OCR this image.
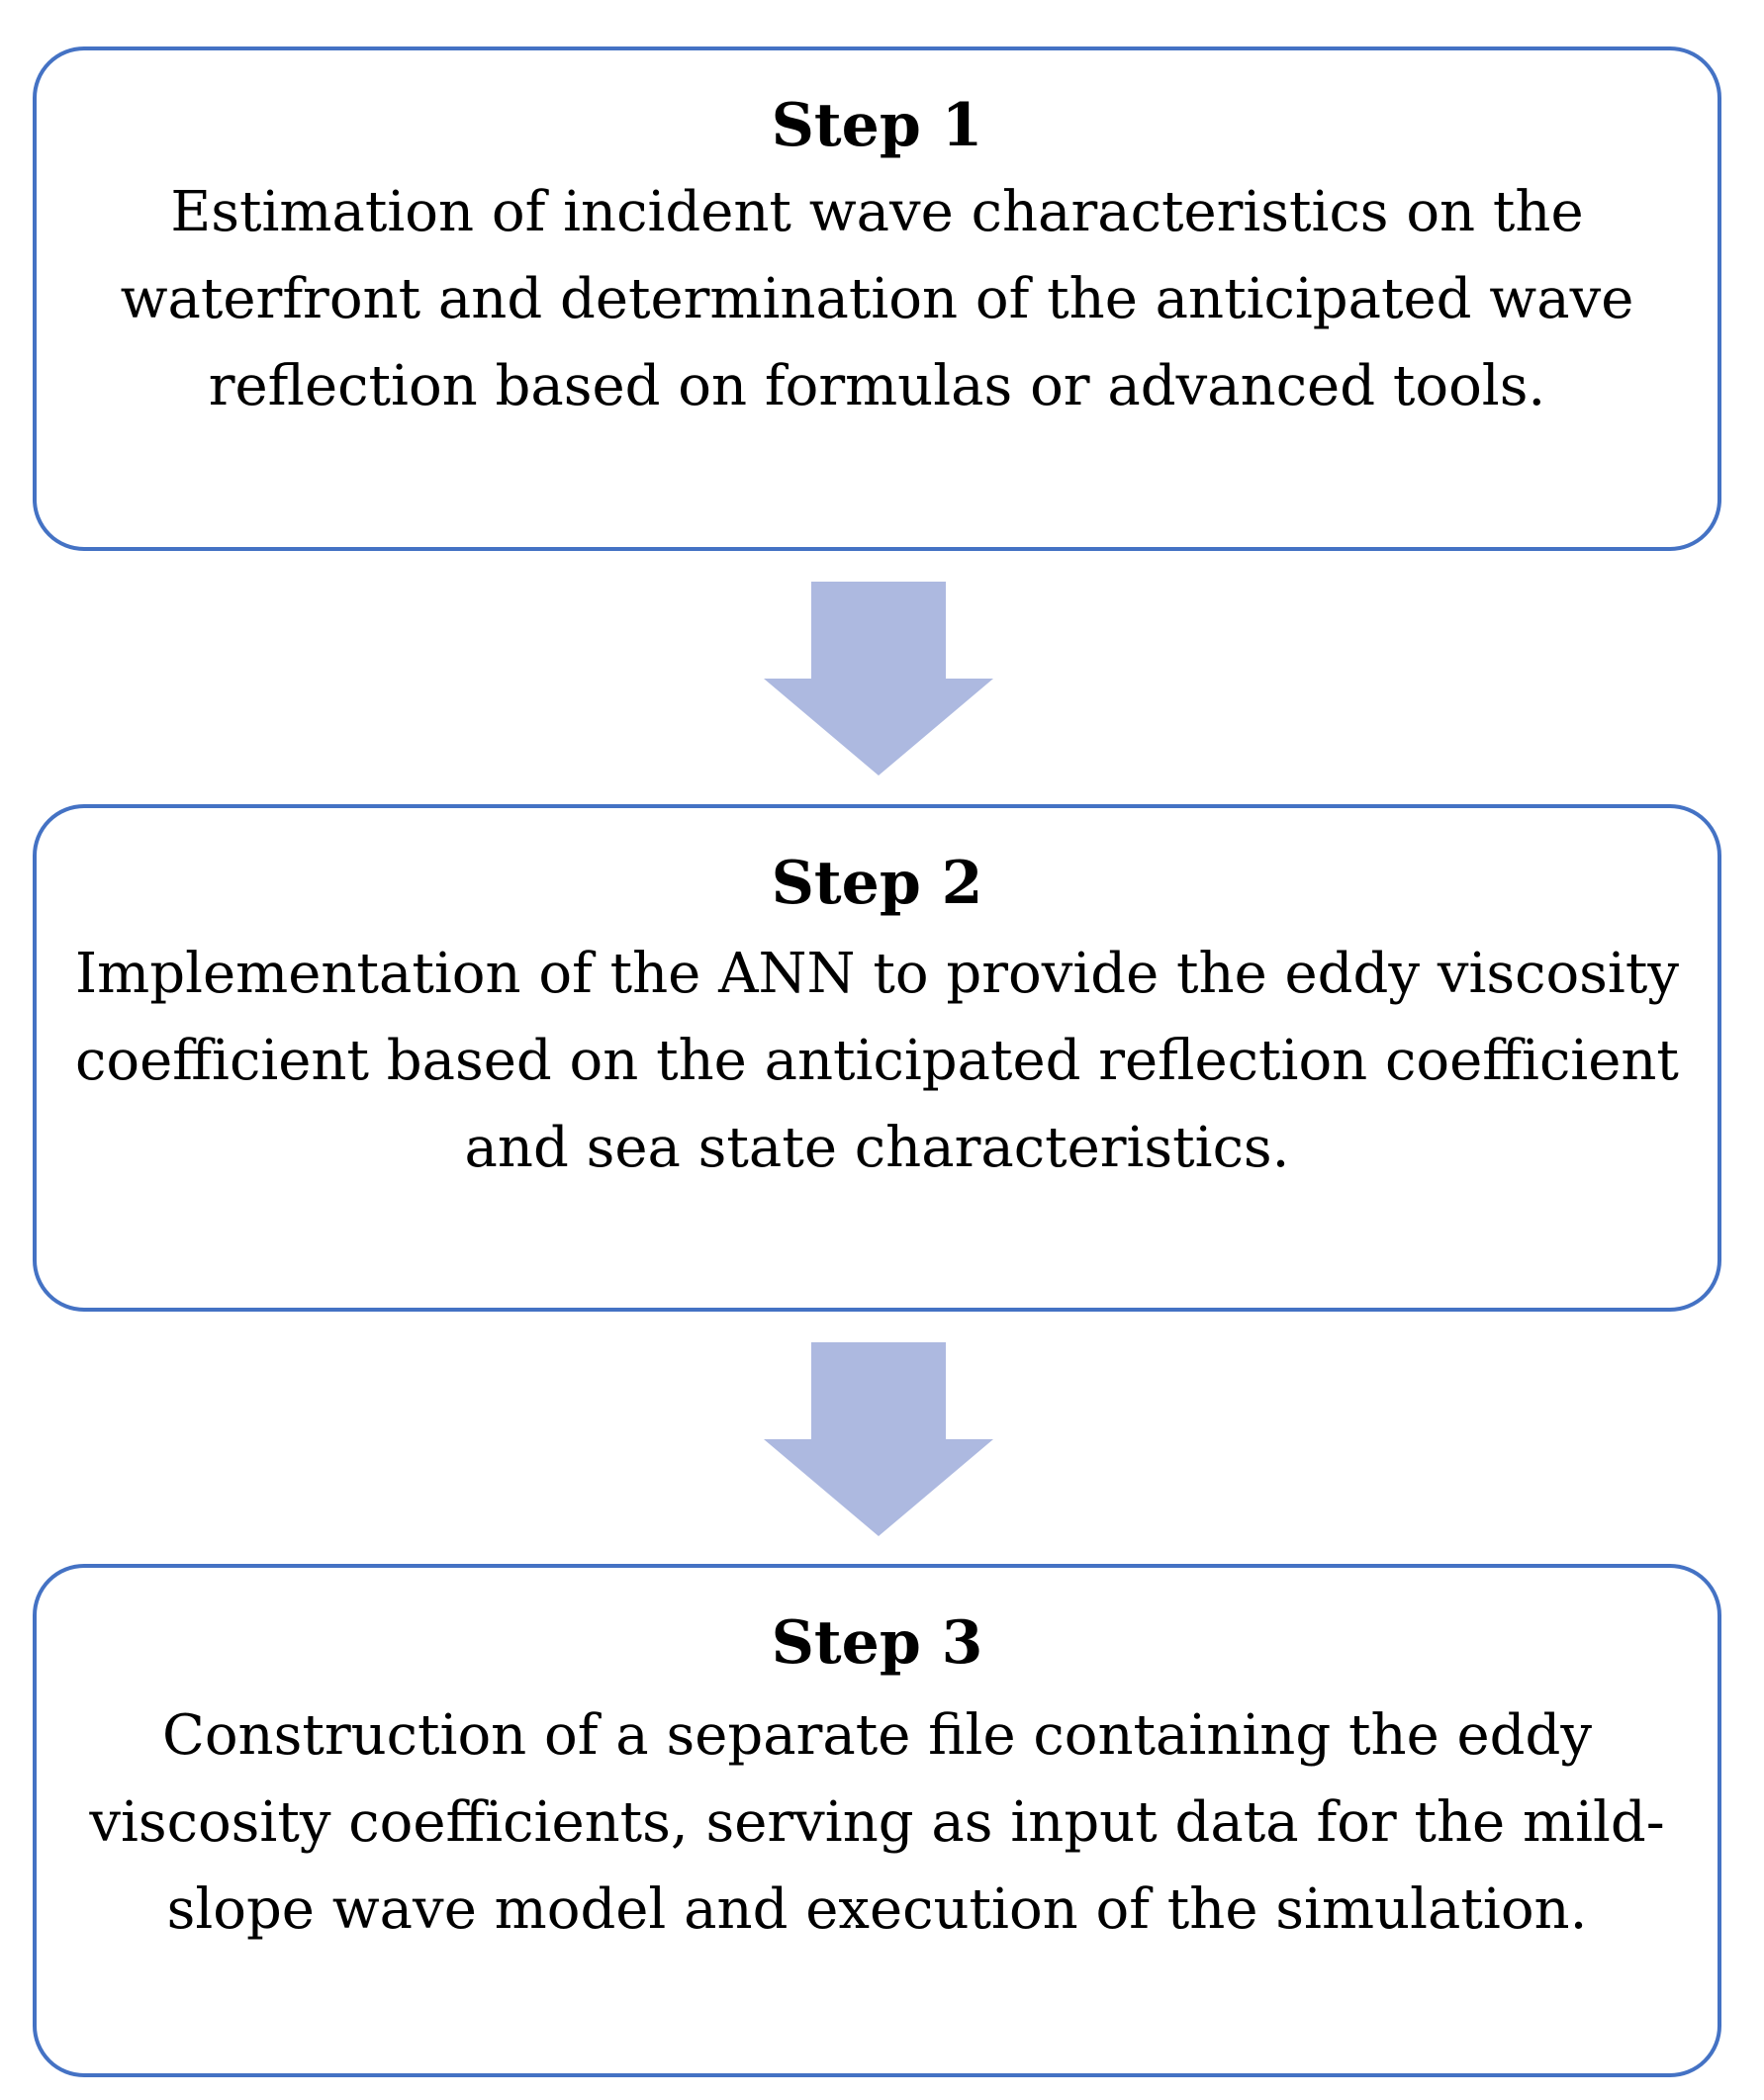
Step 1
Estimation of incident wave characteristics on the waterfront and determination of the anticipated wave reflection based on formulas or advanced tools.
Step 2
Implementation of the ANN to provide the eddy viscosity coefficient based on the anticipated reflection coefficient and sea state characteristics.
Step 3
Construction of a separate file containing the eddy viscosity coefficients, serving as input data for the mild-slope wave model and execution of the simulation.
